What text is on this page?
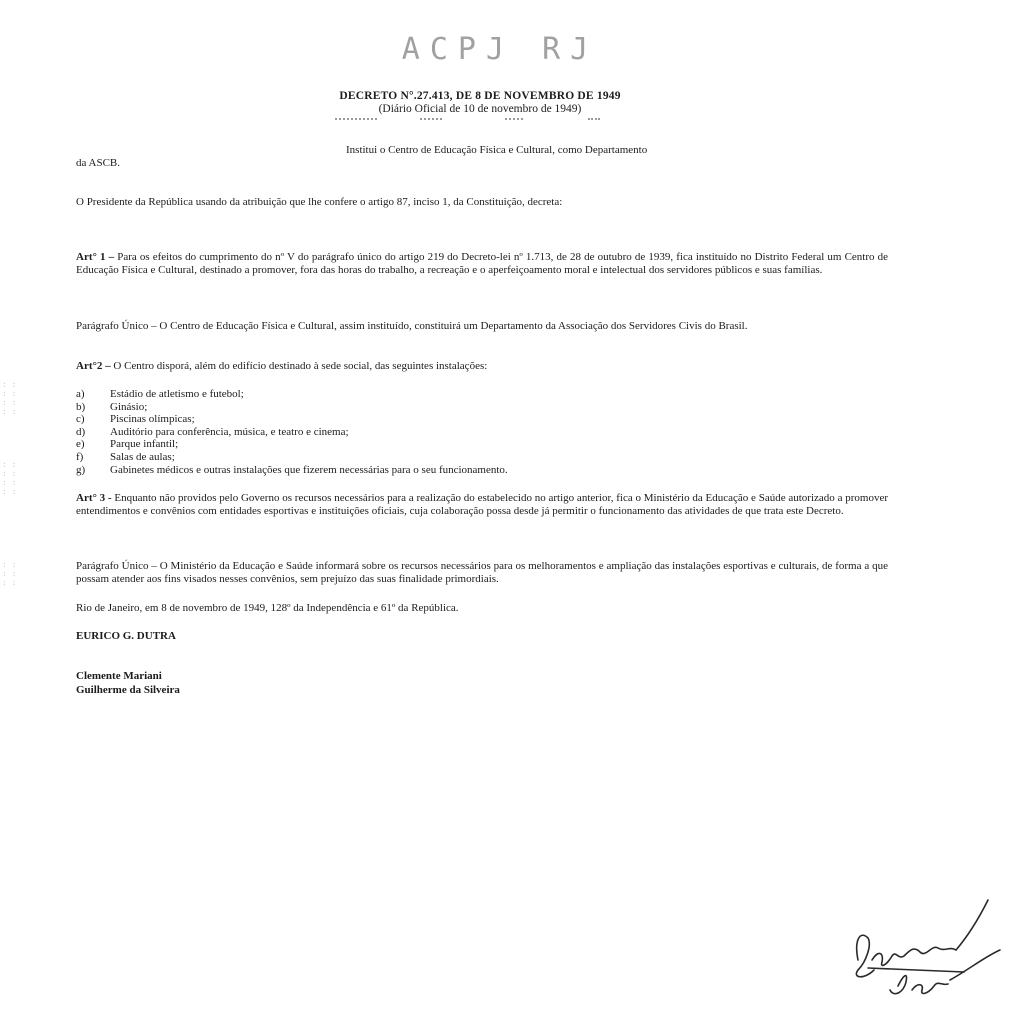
ACPJ RJ
DECRETO N°.27.413, DE 8 DE NOVEMBRO DE 1949
(Diário Oficial de 10 de novembro de 1949)
Institui o Centro de Educação Física e Cultural, como Departamento
da ASCB.
O Presidente da República usando da atribuição que lhe confere o artigo 87, inciso 1, da Constituição, decreta:
Art° 1 – Para os efeitos do cumprimento do nº V do parágrafo único do artigo 219 do Decreto-lei nº 1.713, de 28 de outubro de 1939, fica instituído no Distrito Federal um Centro de Educação Física e Cultural, destinado a promover, fora das horas do trabalho, a recreação e o aperfeiçoamento moral e intelectual dos servidores públicos e suas famílias.
Parágrafo Único – O Centro de Educação Física e Cultural, assim instituído, constituirá um Departamento da Associação dos Servidores Civis do Brasil.
Art°2 – O Centro disporá, além do edifício destinado à sede social, das seguintes instalações:
a)	Estádio de atletismo e futebol;
b)	Ginásio;
c)	Piscinas olímpicas;
d)	Auditório para conferência, música, e teatro e cinema;
e)	Parque infantil;
f)	Salas de aulas;
g)	Gabinetes médicos e outras instalações que fizerem necessárias para o seu funcionamento.
Art° 3 - Enquanto não providos pelo Governo os recursos necessários para a realização do estabelecido no artigo anterior, fica o Ministério da Educação e Saúde autorizado a promover entendimentos e convênios com entidades esportivas e instituições oficiais, cuja colaboração possa desde já permitir o funcionamento das atividades de que trata este Decreto.
Parágrafo Único – O Ministério da Educação e Saúde informará sobre os recursos necessários para os melhoramentos e ampliação das instalações esportivas e culturais, de forma a que possam atender aos fins visados nesses convênios, sem prejuízo das suas finalidade primordiais.
Rio de Janeiro, em 8 de novembro de 1949, 128º da Independência e 61º da República.
EURICO G. DUTRA
Clemente Mariani
Guilherme da Silveira
: :
: :
: :
: :
: :
: :
: :
: :
: :
: :
: :
